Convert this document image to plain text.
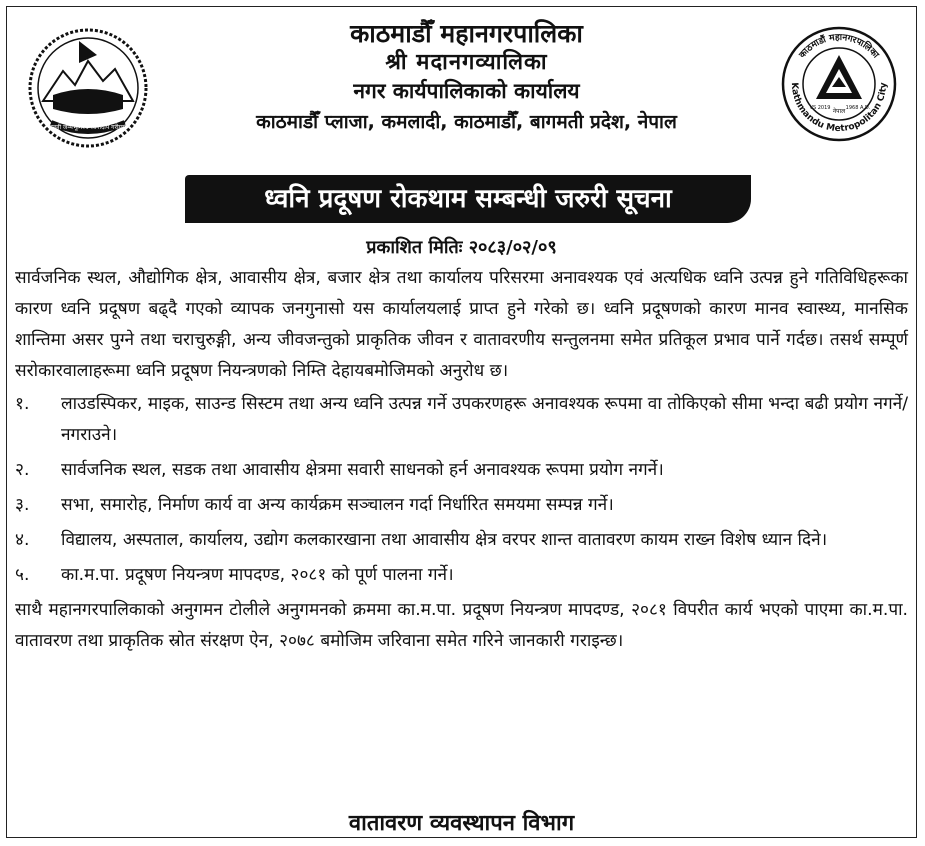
जननी जन्मभूमिश्च स्वर्गादपि गरीयसी
काठमाडौँ महानगरपालिका
श्री मदानगव्यालिका
नगर कार्यपालिकाको कार्यालय
काठमाडौँ प्लाजा, कमलादी, काठमाडौँ, बागमती प्रदेश, नेपाल
काठमाडौं महानगरपालिका
Kathmandu Metropolitan City
नेपाल
VS 2019	1968 A.D.
ध्वनि प्रदूषण रोकथाम सम्बन्धी जरुरी सूचना
प्रकाशित मितिः २०८३/०२/०९

सार्वजनिक स्थल, औद्योगिक क्षेत्र, आवासीय क्षेत्र, बजार क्षेत्र तथा कार्यालय परिसरमा अनावश्यक एवं अत्यधिक ध्वनि उत्पन्न हुने गतिविधिहरूका कारण ध्वनि प्रदूषण बढ्दै गएको व्यापक जनगुनासो यस कार्यालयलाई प्राप्त हुने गरेको छ। ध्वनि प्रदूषणको कारण मानव स्वास्थ्य, मानसिक शान्तिमा असर पुग्ने तथा चराचुरुङ्गी, अन्य जीवजन्तुको प्राकृतिक जीवन र वातावरणीय सन्तुलनमा समेत प्रतिकूल प्रभाव पार्ने गर्दछ। तसर्थ सम्पूर्ण सरोकारवालाहरूमा ध्वनि प्रदूषण नियन्त्रणको निम्ति देहायबमोजिमको अनुरोध छ।

१.	लाउडस्पिकर, माइक, साउन्ड सिस्टम तथा अन्य ध्वनि उत्पन्न गर्ने उपकरणहरू अनावश्यक रूपमा वा तोकिएको सीमा भन्दा बढी प्रयोग नगर्ने/नगराउने।
२.	सार्वजनिक स्थल, सडक तथा आवासीय क्षेत्रमा सवारी साधनको हर्न अनावश्यक रूपमा प्रयोग नगर्ने।
३.	सभा, समारोह, निर्माण कार्य वा अन्य कार्यक्रम सञ्चालन गर्दा निर्धारित समयमा सम्पन्न गर्ने।
४.	विद्यालय, अस्पताल, कार्यालय, उद्योग कलकारखाना तथा आवासीय क्षेत्र वरपर शान्त वातावरण कायम राख्न विशेष ध्यान दिने।
५.	का.म.पा. प्रदूषण नियन्त्रण मापदण्ड, २०८१ को पूर्ण पालना गर्ने।

साथै महानगरपालिकाको अनुगमन टोलीले अनुगमनको क्रममा का.म.पा. प्रदूषण नियन्त्रण मापदण्ड, २०८१ विपरीत कार्य भएको पाएमा का.म.पा. वातावरण तथा प्राकृतिक स्रोत संरक्षण ऐन, २०७८ बमोजिम जरिवाना समेत गरिने जानकारी गराइन्छ।

वातावरण व्यवस्थापन विभाग
